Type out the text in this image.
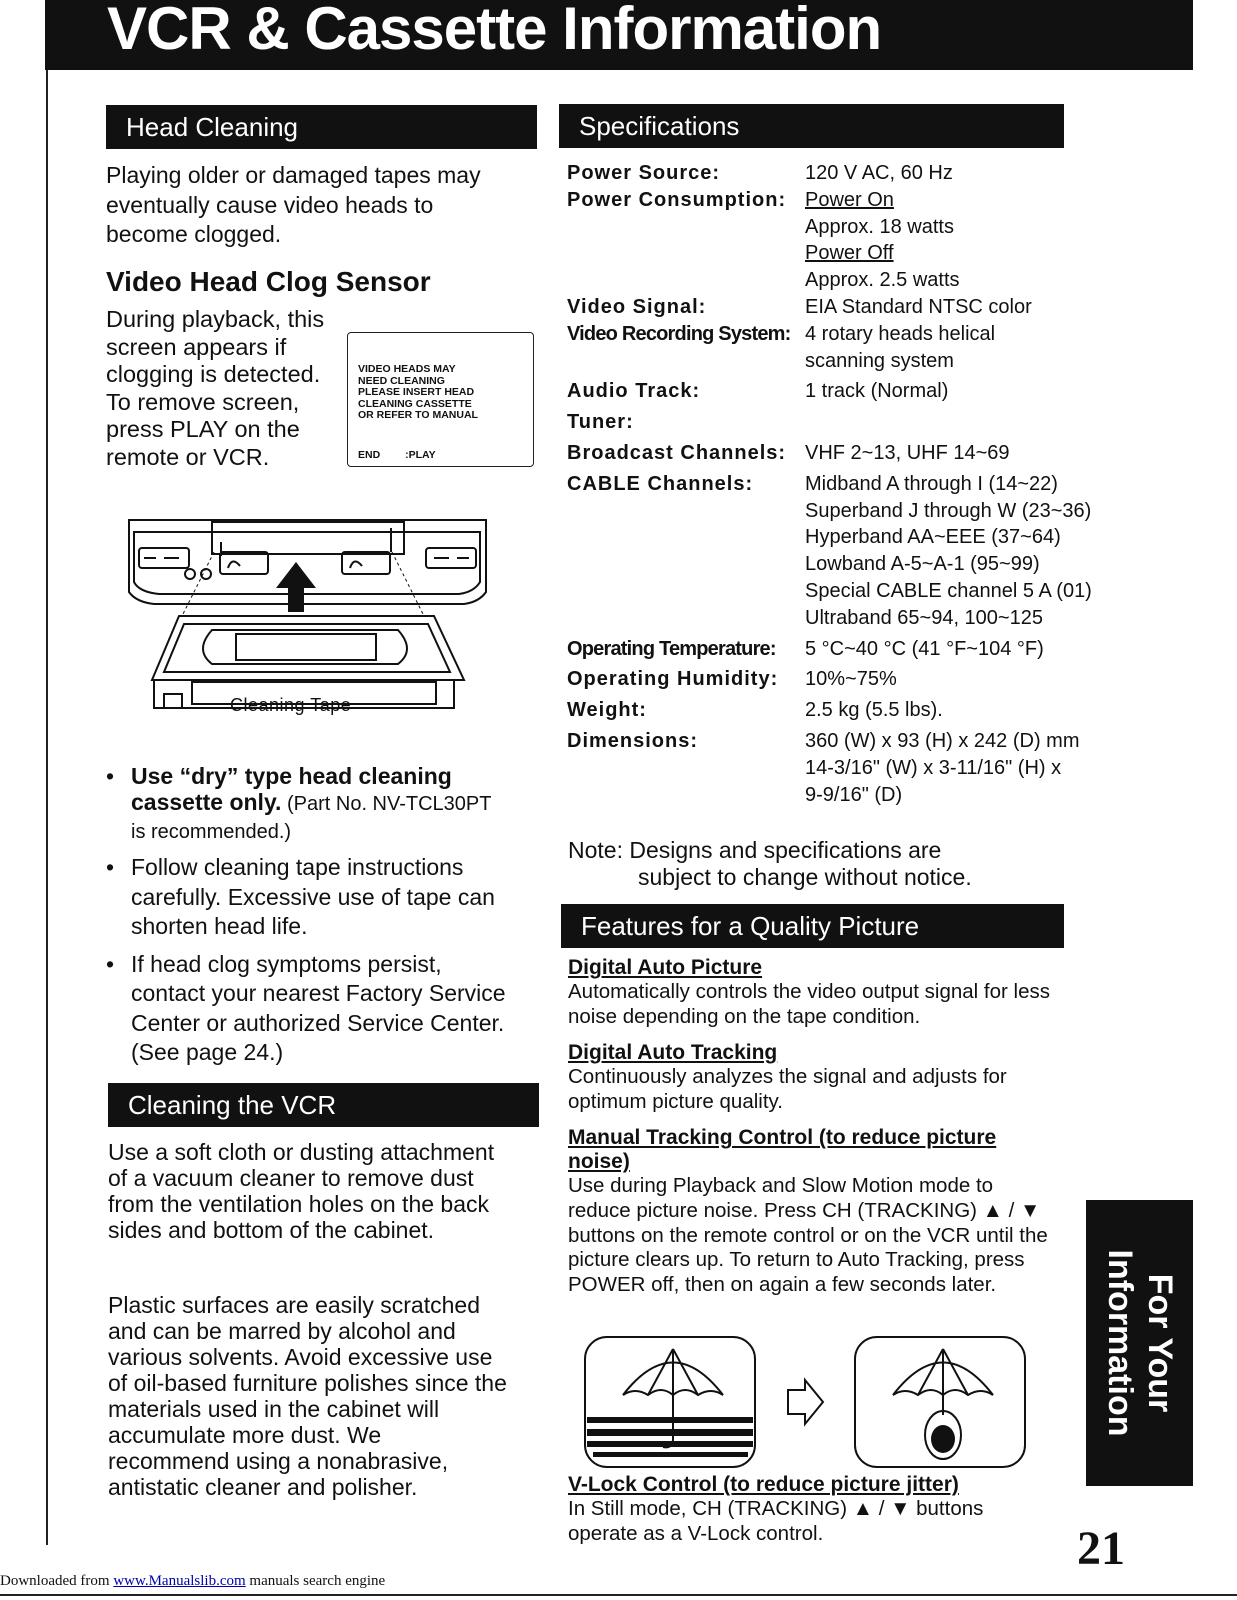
VCR & Cassette Information
Head Cleaning
Playing older or damaged tapes may eventually cause video heads to become clogged.
Video Head Clog Sensor
During playback, this screen appears if clogging is detected. To remove screen, press PLAY on the remote or VCR.
VIDEO HEADS MAY
NEED CLEANING
PLEASE INSERT HEAD
CLEANING CASSETTE
OR REFER TO MANUAL
END :PLAY
Cleaning Tape
• Use “dry” type head cleaning cassette only. (Part No. NV-TCL30PT is recommended.)
• Follow cleaning tape instructions carefully. Excessive use of tape can shorten head life.
• If head clog symptoms persist, contact your nearest Factory Service Center or authorized Service Center. (See page 24.)
Cleaning the VCR
Use a soft cloth or dusting attachment of a vacuum cleaner to remove dust from the ventilation holes on the back sides and bottom of the cabinet.
Plastic surfaces are easily scratched and can be marred by alcohol and various solvents. Avoid excessive use of oil-based furniture polishes since the materials used in the cabinet will accumulate more dust. We recommend using a nonabrasive, antistatic cleaner and polisher.
Specifications
Power Source:	120 V AC, 60 Hz
Power Consumption: Power On
Approx. 18 watts
Power Off
Approx. 2.5 watts
Video Signal:	EIA Standard NTSC color
Video Recording System: 4 rotary heads helical
scanning system
Audio Track:	1 track (Normal)
Tuner:
Broadcast Channels: VHF 2~13, UHF 14~69
CABLE Channels:	Midband A through I (14~22)
Superband J through W (23~36)
Hyperband AA~EEE (37~64)
Lowband A-5~A-1 (95~99)
Special CABLE channel 5 A (01)
Ultraband 65~94, 100~125
Operating Temperature:	5 °C~40 °C (41 °F~104 °F)
Operating Humidity:	10%~75%
Weight:	2.5 kg (5.5 lbs).
Dimensions:	360 (W) x 93 (H) x 242 (D) mm
14-3/16" (W) x 3-11/16" (H) x
9-9/16" (D)
Note: Designs and specifications are
subject to change without notice.
Features for a Quality Picture
Digital Auto Picture
Automatically controls the video output signal for less noise depending on the tape condition.
Digital Auto Tracking
Continuously analyzes the signal and adjusts for optimum picture quality.
Manual Tracking Control (to reduce picture noise)
Use during Playback and Slow Motion mode to reduce picture noise. Press CH (TRACKING) ▲ / ▼ buttons on the remote control or on the VCR until the picture clears up. To return to Auto Tracking, press POWER off, then on again a few seconds later.
V-Lock Control (to reduce picture jitter)
In Still mode, CH (TRACKING) ▲ / ▼ buttons operate as a V-Lock control.
For Your
Information
21
Downloaded from www.Manualslib.com manuals search engine
